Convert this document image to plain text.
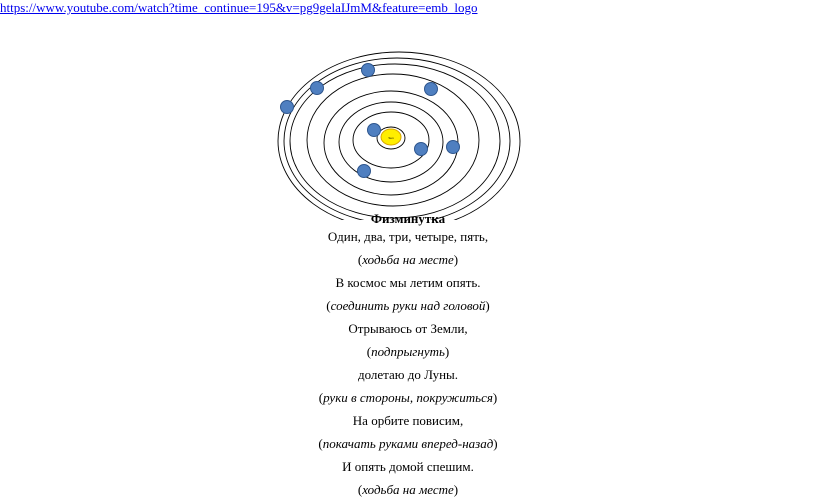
https://www.youtube.com/watch?time_continue=195&v=pg9gelaIJmM&feature=emb_logo
Sun
Физминутка
Один, два, три, четыре, пять,
(ходьба на месте)
В космос мы летим опять.
(соединить руки над головой)
Отрываюсь от Земли,
(подпрыгнуть)
долетаю до Луны.
(руки в стороны, покружиться)
На орбите повисим,
(покачать руками вперед-назад)
И опять домой спешим.
(ходьба на месте)
